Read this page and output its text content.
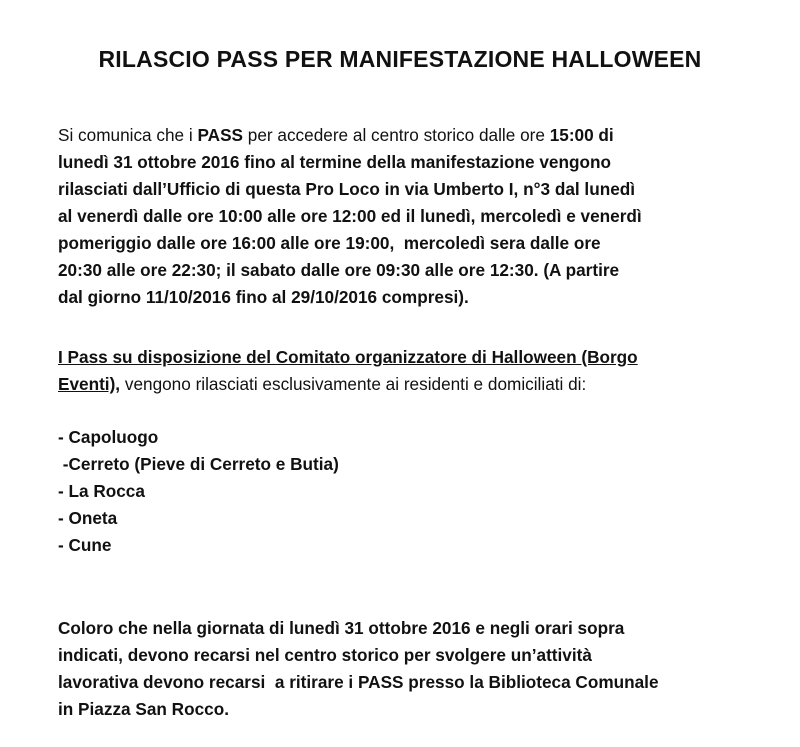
RILASCIO PASS PER MANIFESTAZIONE HALLOWEEN
Si comunica che i PASS per accedere al centro storico dalle ore 15:00 di
lunedì 31 ottobre 2016 fino al termine della manifestazione vengono
rilasciati dall’Ufficio di questa Pro Loco in via Umberto I, n°3 dal lunedì
al venerdì dalle ore 10:00 alle ore 12:00 ed il lunedì, mercoledì e venerdì
pomeriggio dalle ore 16:00 alle ore 19:00,  mercoledì sera dalle ore
20:30 alle ore 22:30; il sabato dalle ore 09:30 alle ore 12:30. (A partire
dal giorno 11/10/2016 fino al 29/10/2016 compresi).
I Pass su disposizione del Comitato organizzatore di Halloween (Borgo
Eventi), vengono rilasciati esclusivamente ai residenti e domiciliati di:
- Capoluogo
-Cerreto (Pieve di Cerreto e Butia)
- La Rocca
- Oneta
- Cune
Coloro che nella giornata di lunedì 31 ottobre 2016 e negli orari sopra
indicati, devono recarsi nel centro storico per svolgere un’attività
lavorativa devono recarsi  a ritirare i PASS presso la Biblioteca Comunale
in Piazza San Rocco.
